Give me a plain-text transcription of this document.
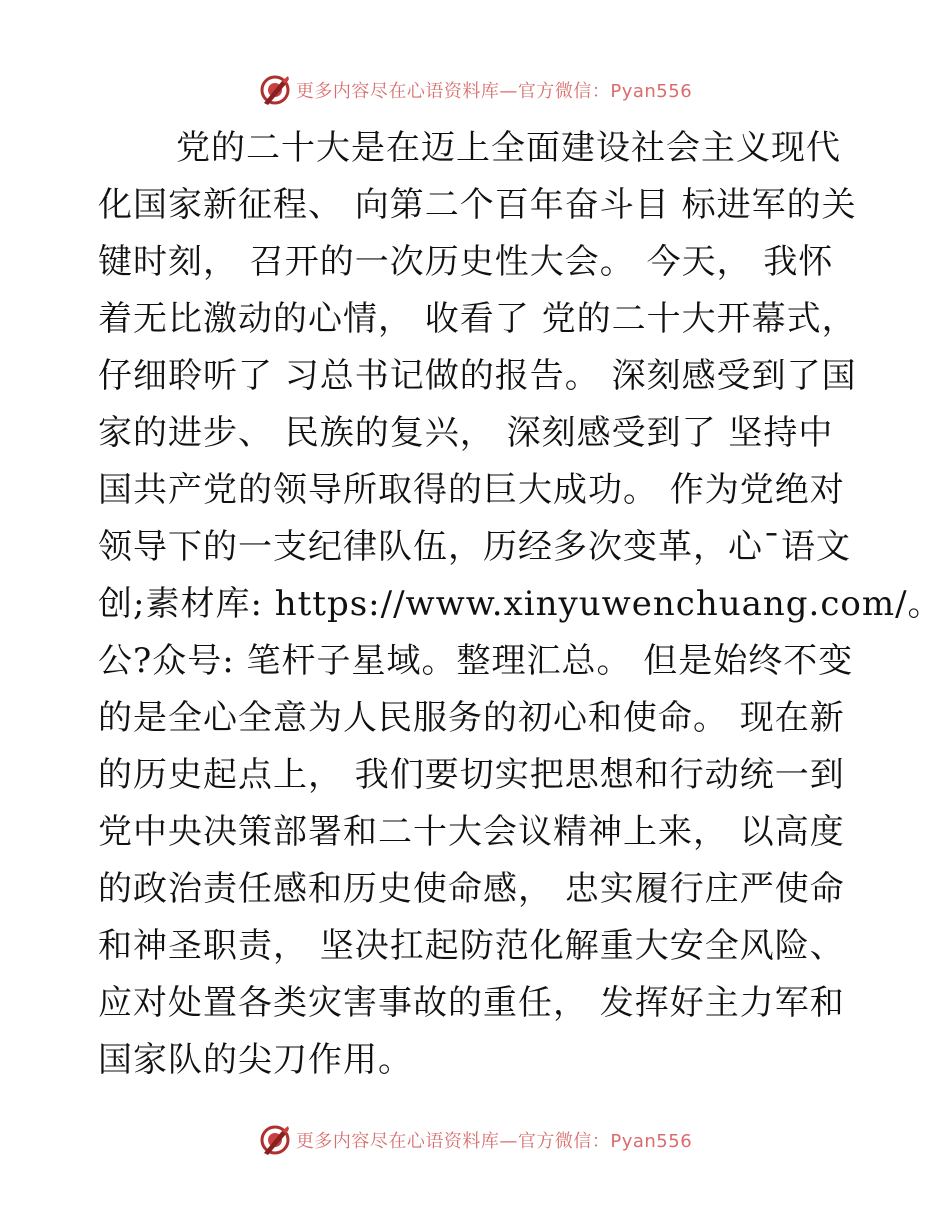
更多内容尽在心语资料库—官方微信：Pyan556
党的二十大是在迈上全面建设社会主义现代
化国家新征程、 向第二个百年奋斗目 标进军的关
键时刻， 召开的一次历史性大会。 今天， 我怀
着无比激动的心情， 收看了 党的二十大开幕式，
仔细聆听了 习总书记做的报告。 深刻感受到了国
家的进步、 民族的复兴， 深刻感受到了 坚持中
国共产党的领导所取得的巨大成功。 作为党绝对
领导下的一支纪律队伍，历经多次变革，心¯语文
创;素材库: https://www.xinyuwenchuang.com/。
公?众号: 笔杆子星域。整理汇总。 但是始终不变
的是全心全意为人民服务的初心和使命。 现在新
的历史起点上， 我们要切实把思想和行动统一到
党中央决策部署和二十大会议精神上来， 以高度
的政治责任感和历史使命感， 忠实履行庄严使命
和神圣职责， 坚决扛起防范化解重大安全风险、
应对处置各类灾害事故的重任， 发挥好主力军和
国家队的尖刀作用。
更多内容尽在心语资料库—官方微信：Pyan556
